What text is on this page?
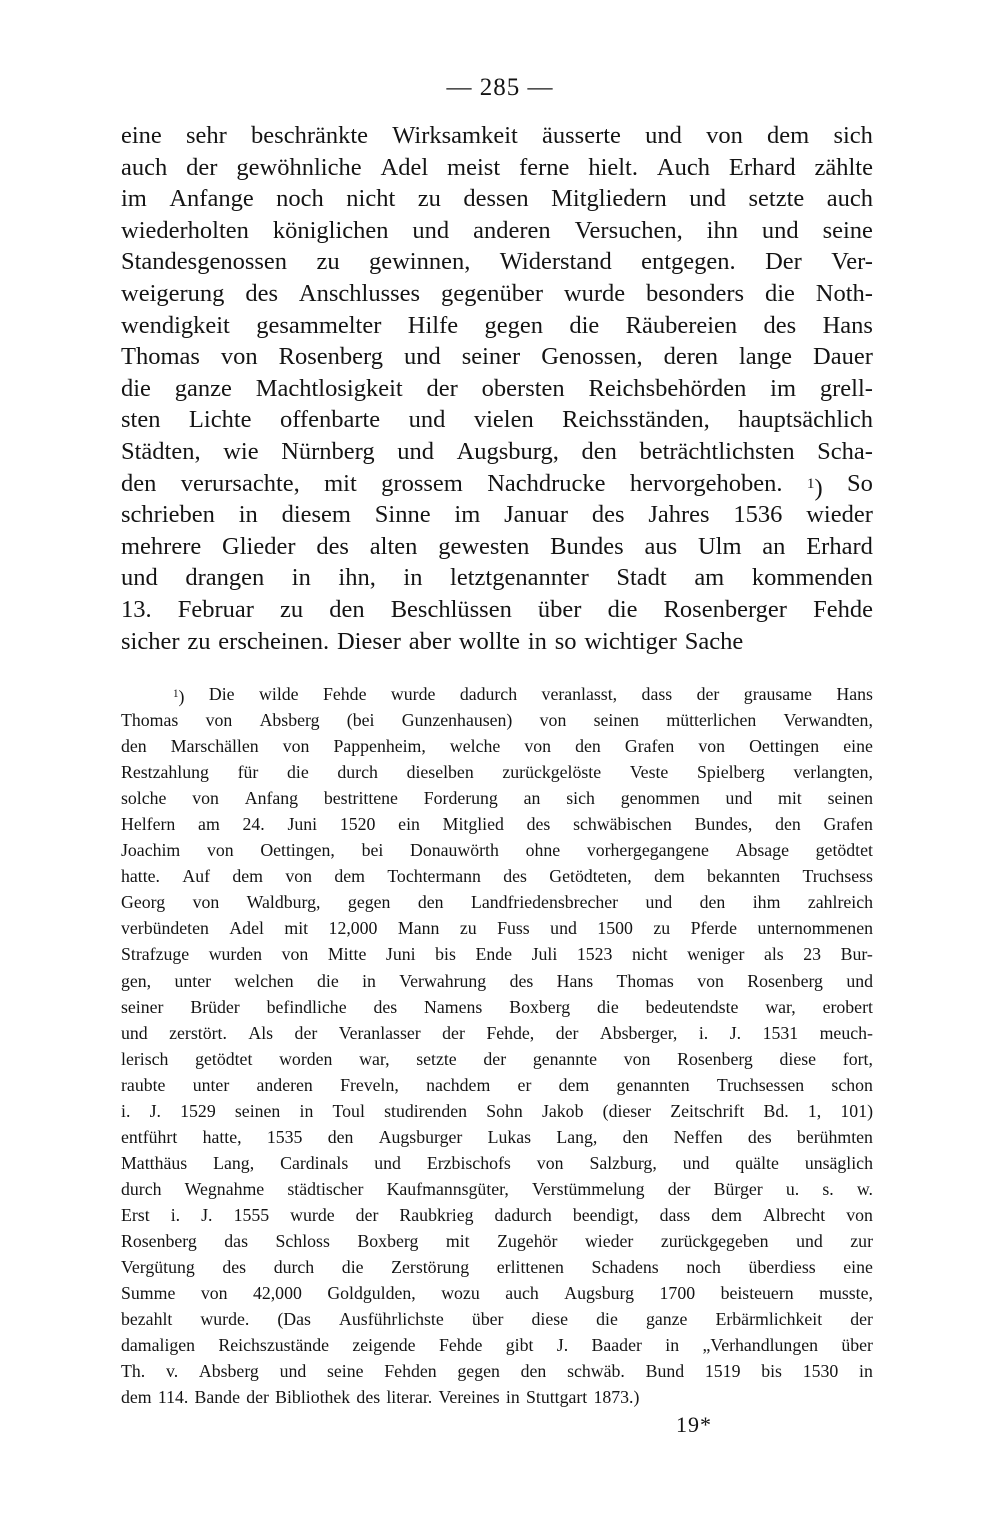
— 285 —
eine sehr beschränkte Wirksamkeit äusserte und von dem sich
auch der gewöhnliche Adel meist ferne hielt. Auch Erhard zählte
im Anfange noch nicht zu dessen Mitgliedern und setzte auch
wiederholten königlichen und anderen Versuchen, ihn und seine
Standesgenossen zu gewinnen, Widerstand entgegen. Der Ver-
weigerung des Anschlusses gegenüber wurde besonders die Noth-
wendigkeit gesammelter Hilfe gegen die Räubereien des Hans
Thomas von Rosenberg und seiner Genossen, deren lange Dauer
die ganze Machtlosigkeit der obersten Reichsbehörden im grell-
sten Lichte offenbarte und vielen Reichsständen, hauptsächlich
Städten, wie Nürnberg und Augsburg, den beträchtlichsten Scha-
den verursachte, mit grossem Nachdrucke hervorgehoben. $^1$) So
schrieben in diesem Sinne im Januar des Jahres 1536 wieder
mehrere Glieder des alten gewesten Bundes aus Ulm an Erhard
und drangen in ihn, in letztgenannter Stadt am kommenden
13. Februar zu den Beschlüssen über die Rosenberger Fehde
sicher zu erscheinen. Dieser aber wollte in so wichtiger Sache
$^1$) Die wilde Fehde wurde dadurch veranlasst, dass der grausame Hans
Thomas von Absberg (bei Gunzenhausen) von seinen mütterlichen Verwandten,
den Marschällen von Pappenheim, welche von den Grafen von Oettingen eine
Restzahlung für die durch dieselben zurückgelöste Veste Spielberg verlangten,
solche von Anfang bestrittene Forderung an sich genommen und mit seinen
Helfern am 24. Juni 1520 ein Mitglied des schwäbischen Bundes, den Grafen
Joachim von Oettingen, bei Donauwörth ohne vorhergegangene Absage getödtet
hatte. Auf dem von dem Tochtermann des Getödteten, dem bekannten Truchsess
Georg von Waldburg, gegen den Landfriedensbrecher und den ihm zahlreich
verbündeten Adel mit 12,000 Mann zu Fuss und 1500 zu Pferde unternommenen
Strafzuge wurden von Mitte Juni bis Ende Juli 1523 nicht weniger als 23 Bur-
gen, unter welchen die in Verwahrung des Hans Thomas von Rosenberg und
seiner Brüder befindliche des Namens Boxberg die bedeutendste war, erobert
und zerstört. Als der Veranlasser der Fehde, der Absberger, i. J. 1531 meuch-
lerisch getödtet worden war, setzte der genannte von Rosenberg diese fort,
raubte unter anderen Freveln, nachdem er dem genannten Truchsessen schon
i. J. 1529 seinen in Toul studirenden Sohn Jakob (dieser Zeitschrift Bd. 1, 101)
entführt hatte, 1535 den Augsburger Lukas Lang, den Neffen des berühmten
Matthäus Lang, Cardinals und Erzbischofs von Salzburg, und quälte unsäglich
durch Wegnahme städtischer Kaufmannsgüter, Verstümmelung der Bürger u. s. w.
Erst i. J. 1555 wurde der Raubkrieg dadurch beendigt, dass dem Albrecht von
Rosenberg das Schloss Boxberg mit Zugehör wieder zurückgegeben und zur
Vergütung des durch die Zerstörung erlittenen Schadens noch überdiess eine
Summe von 42,000 Goldgulden, wozu auch Augsburg 1700 beisteuern musste,
bezahlt wurde. (Das Ausführlichste über diese die ganze Erbärmlichkeit der
damaligen Reichszustände zeigende Fehde gibt J. Baader in „Verhandlungen über
Th. v. Absberg und seine Fehden gegen den schwäb. Bund 1519 bis 1530 in
dem 114. Bande der Bibliothek des literar. Vereines in Stuttgart 1873.)
19*
